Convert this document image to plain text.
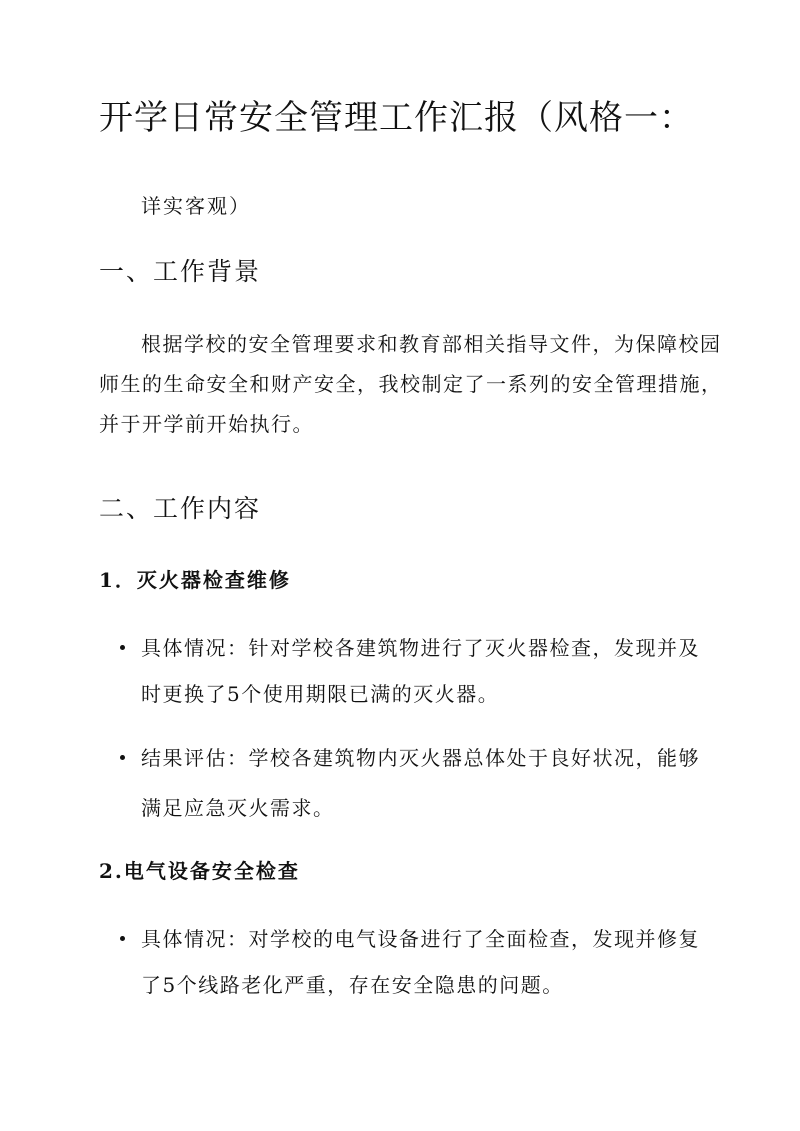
开学日常安全管理工作汇报（风格一：
详实客观）
一、工作背景
根据学校的安全管理要求和教育部相关指导文件，为保障校园
师生的生命安全和财产安全，我校制定了一系列的安全管理措施，
并于开学前开始执行。
二、工作内容
1．灭火器检查维修
具体情况：针对学校各建筑物进行了灭火器检查，发现并及
时更换了5个使用期限已满的灭火器。
结果评估：学校各建筑物内灭火器总体处于良好状况，能够
满足应急灭火需求。
2.电气设备安全检查
具体情况：对学校的电气设备进行了全面检查，发现并修复
了5个线路老化严重，存在安全隐患的问题。
